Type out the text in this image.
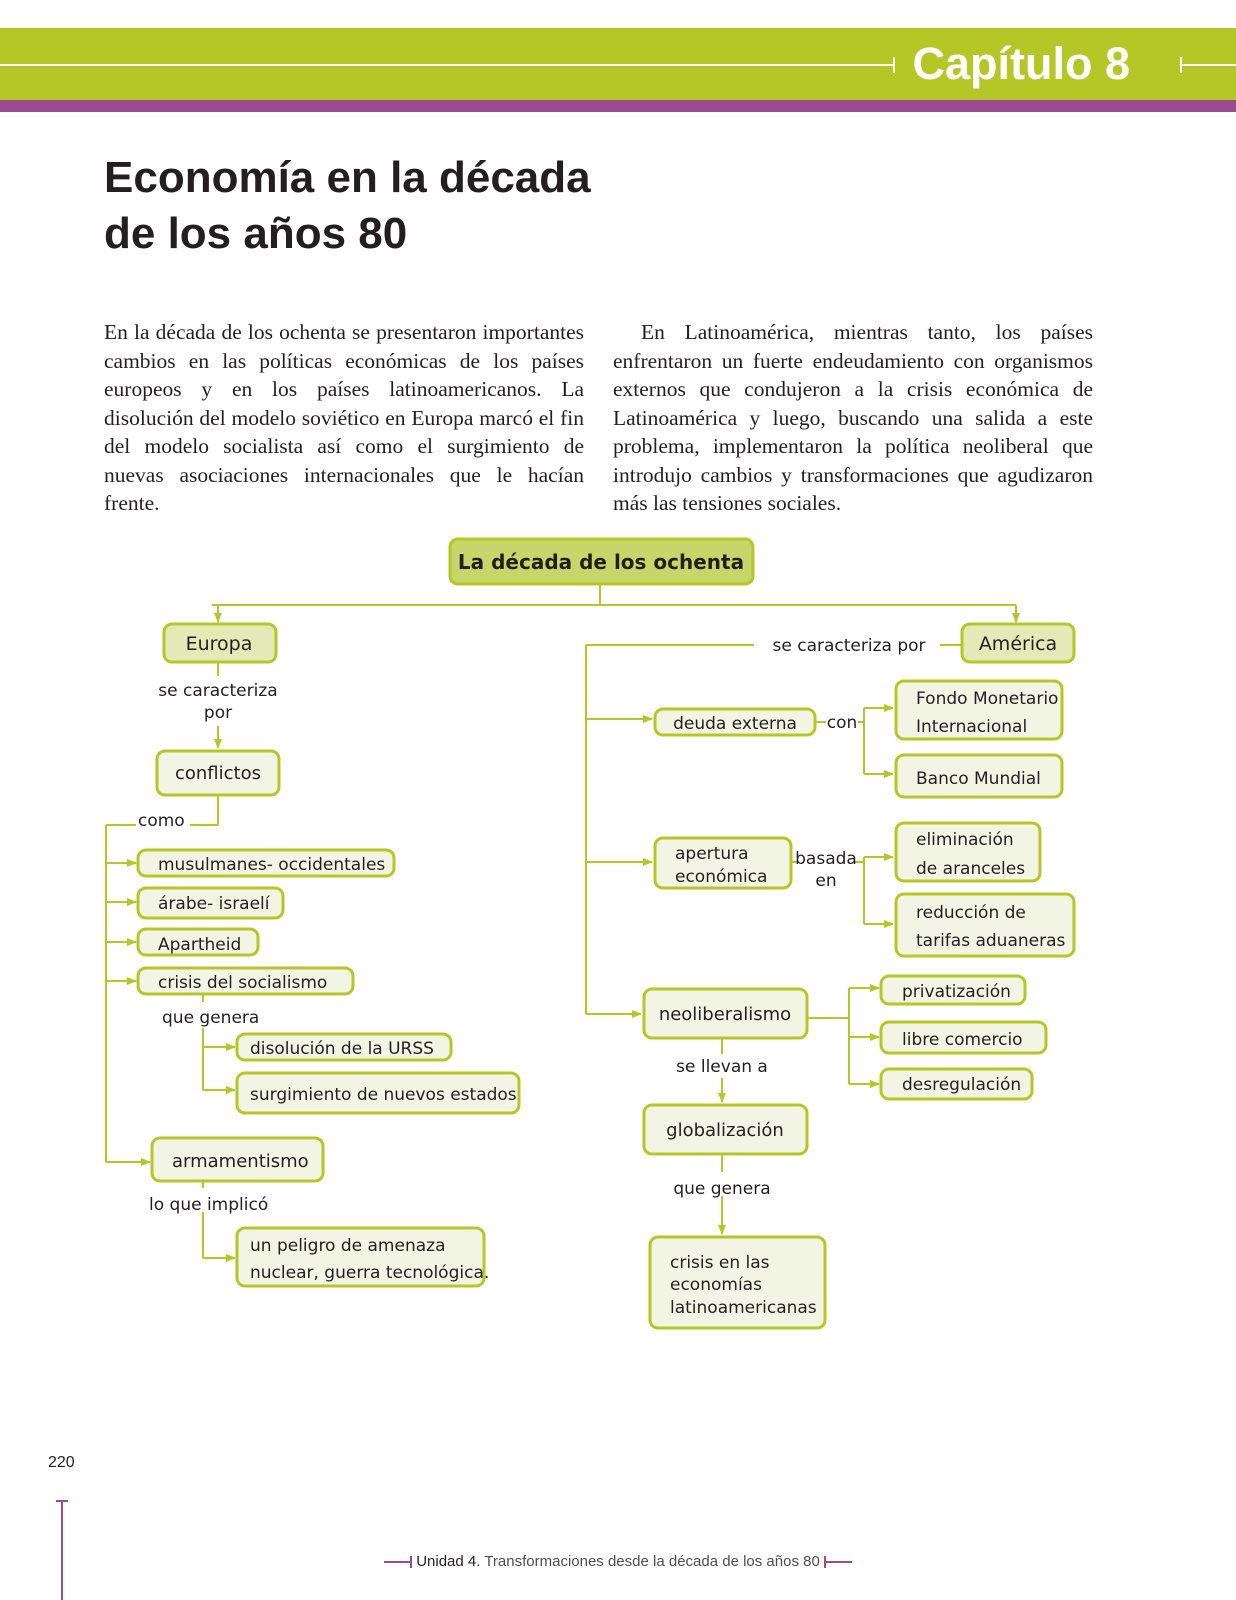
Capítulo 8
Economía en la década
de los años 80

En la década de los ochenta se presentaron importantes cambios en las políticas económicas de los países europeos y en los países latinoamericanos. La disolución del modelo soviético en Europa marcó el fin del modelo socialista así como el surgimiento de nuevas asociaciones internacionales que le hacían frente.

En Latinoamérica, mientras tanto, los países enfrentaron un fuerte endeudamiento con organismos externos que condujeron a la crisis económica de Latinoamérica y luego, buscando una salida a este problema, implementaron la política neoliberal que introdujo cambios y transformaciones que agudizaron más las tensiones sociales.

La década de los ochenta
Europa
se caracteriza
por
conflictos
como
musulmanes- occidentales
árabe- israelí
Apartheid
crisis del socialismo
que genera
disolución de la URSS
surgimiento de nuevos estados
armamentismo
lo que implicó
un peligro de amenaza
nuclear, guerra tecnológica.
América
se caracteriza por
deuda externa con
Fondo Monetario
Internacional
Banco Mundial
apertura
económica
basada
en
eliminación
de aranceles
reducción de
tarifas aduaneras
neoliberalismo
privatización
libre comercio
desregulación
se llevan a
globalización
que genera
crisis en las
economías
latinoamericanas
220
Unidad 4. Transformaciones desde la década de los años 80
